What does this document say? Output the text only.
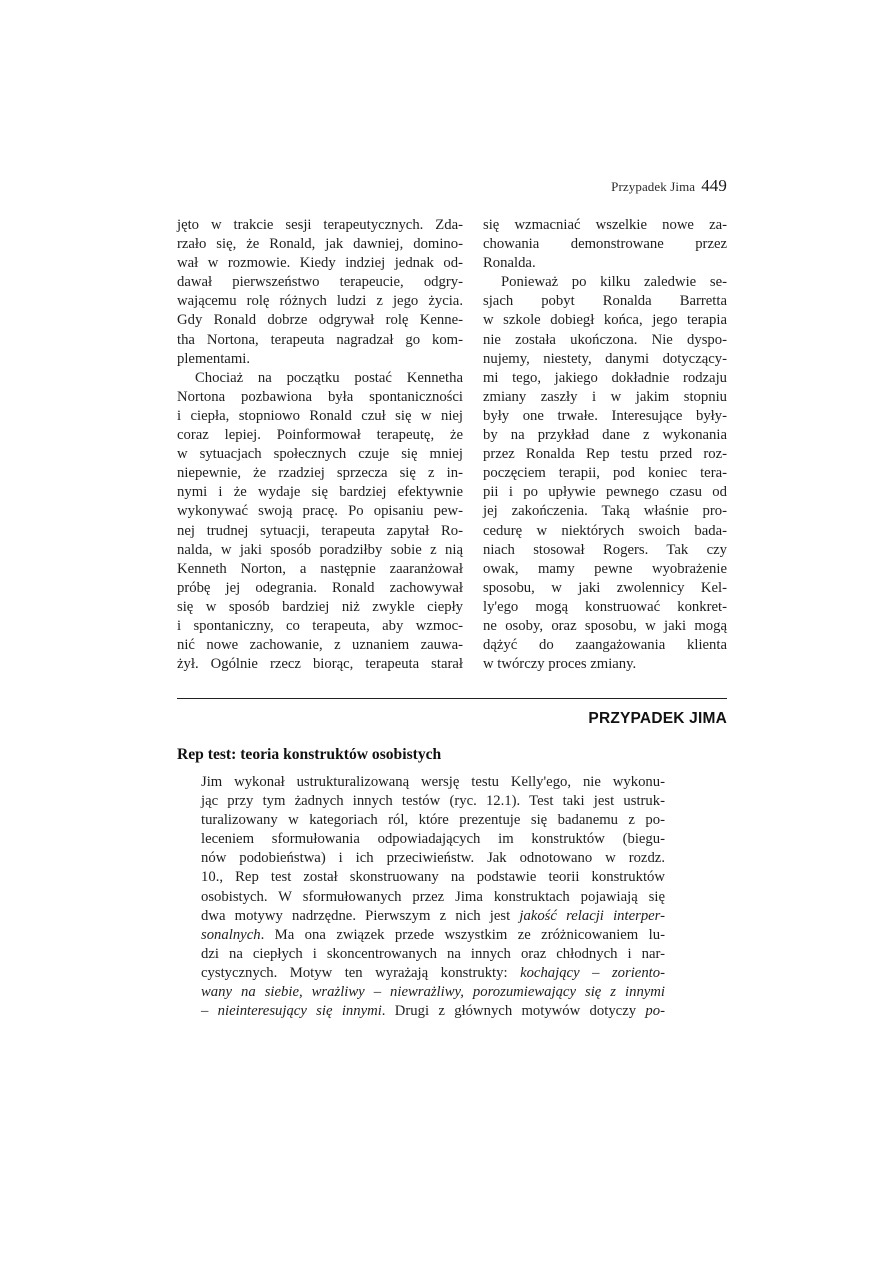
Przypadek Jima 449
jęto w trakcie sesji terapeutycznych. Zda-
rzało się, że Ronald, jak dawniej, domino-
wał w rozmowie. Kiedy indziej jednak od-
dawał pierwszeństwo terapeucie, odgry-
wającemu rolę różnych ludzi z jego życia.
Gdy Ronald dobrze odgrywał rolę Kenne-
tha Nortona, terapeuta nagradzał go kom-
plementami.
Chociaż na początku postać Kennetha
Nortona pozbawiona była spontaniczności
i ciepła, stopniowo Ronald czuł się w niej
coraz lepiej. Poinformował terapeutę, że
w sytuacjach społecznych czuje się mniej
niepewnie, że rzadziej sprzecza się z in-
nymi i że wydaje się bardziej efektywnie
wykonywać swoją pracę. Po opisaniu pew-
nej trudnej sytuacji, terapeuta zapytał Ro-
nalda, w jaki sposób poradziłby sobie z nią
Kenneth Norton, a następnie zaaranżował
próbę jej odegrania. Ronald zachowywał
się w sposób bardziej niż zwykle ciepły
i spontaniczny, co terapeuta, aby wzmoc-
nić nowe zachowanie, z uznaniem zauwa-
żył. Ogólnie rzecz biorąc, terapeuta starał
się wzmacniać wszelkie nowe za-
chowania demonstrowane przez
Ronalda.
Ponieważ po kilku zaledwie se-
sjach pobyt Ronalda Barretta
w szkole dobiegł końca, jego terapia
nie została ukończona. Nie dyspo-
nujemy, niestety, danymi dotyczący-
mi tego, jakiego dokładnie rodzaju
zmiany zaszły i w jakim stopniu
były one trwałe. Interesujące były-
by na przykład dane z wykonania
przez Ronalda Rep testu przed roz-
poczęciem terapii, pod koniec tera-
pii i po upływie pewnego czasu od
jej zakończenia. Taką właśnie pro-
cedurę w niektórych swoich bada-
niach stosował Rogers. Tak czy
owak, mamy pewne wyobrażenie
sposobu, w jaki zwolennicy Kel-
ly'ego mogą konstruować konkret-
ne osoby, oraz sposobu, w jaki mogą
dążyć do zaangażowania klienta
w twórczy proces zmiany.
PRZYPADEK JIMA
Rep test: teoria konstruktów osobistych
Jim wykonał ustrukturalizowaną wersję testu Kelly'ego, nie wykonu-
jąc przy tym żadnych innych testów (ryc. 12.1). Test taki jest ustruk-
turalizowany w kategoriach ról, które prezentuje się badanemu z po-
leceniem sformułowania odpowiadających im konstruktów (biegu-
nów podobieństwa) i ich przeciwieństw. Jak odnotowano w rozdz.
10., Rep test został skonstruowany na podstawie teorii konstruktów
osobistych. W sformułowanych przez Jima konstruktach pojawiają się
dwa motywy nadrzędne. Pierwszym z nich jest jakość relacji interper-
sonalnych. Ma ona związek przede wszystkim ze zróżnicowaniem lu-
dzi na ciepłych i skoncentrowanych na innych oraz chłodnych i nar-
cystycznych. Motyw ten wyrażają konstrukty: kochający – zoriento-
wany na siebie, wrażliwy – niewrażliwy, porozumiewający się z innymi
– nieinteresujący się innymi. Drugi z głównych motywów dotyczy po-
